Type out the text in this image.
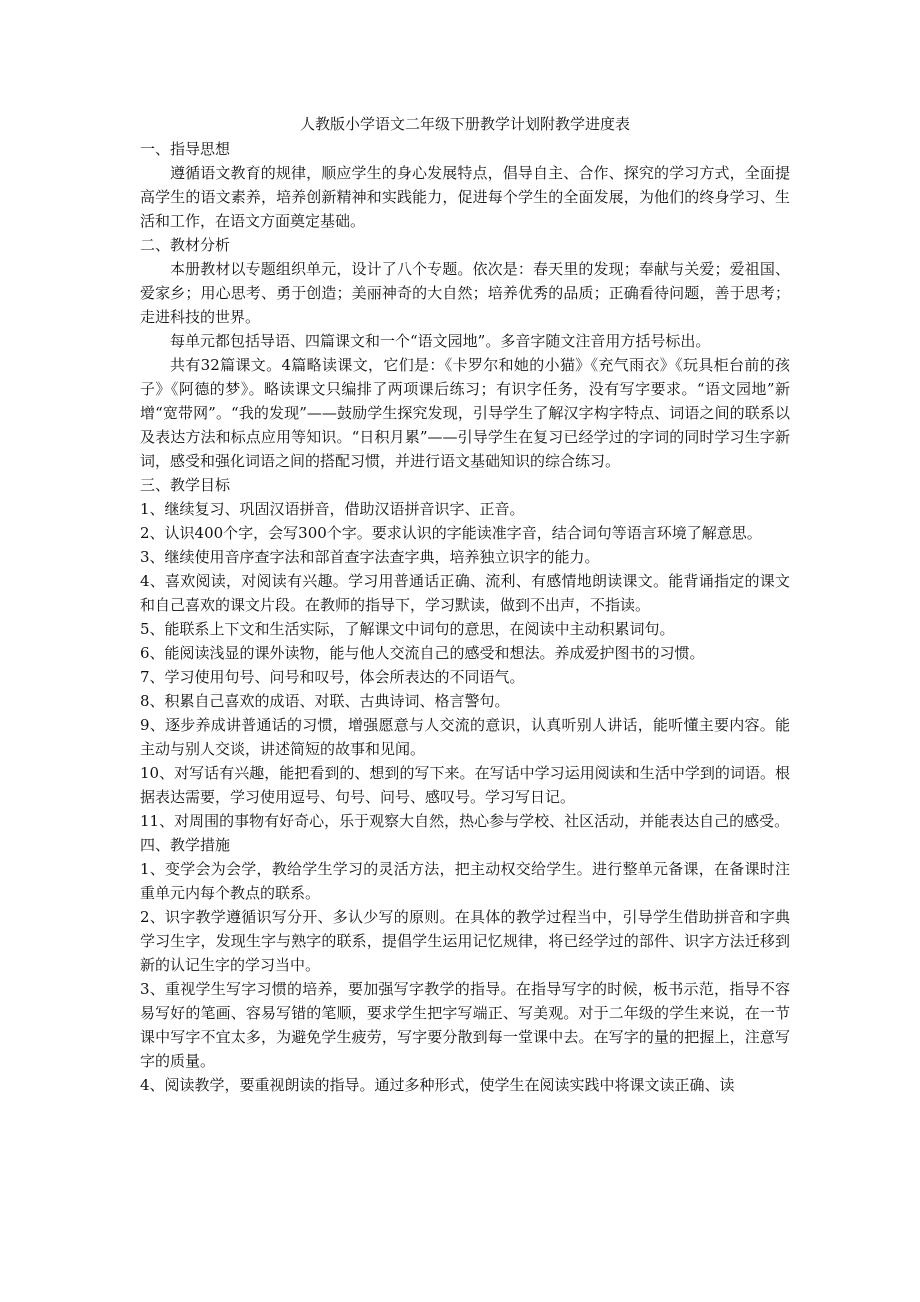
人教版小学语文二年级下册教学计划附教学进度表

一、指导思想

遵循语文教育的规律，顺应学生的身心发展特点，倡导自主、合作、探究的学习方式，全面提高学生的语文素养，培养创新精神和实践能力，促进每个学生的全面发展，为他们的终身学习、生活和工作，在语文方面奠定基础。

二、教材分析

本册教材以专题组织单元，设计了八个专题。依次是：春天里的发现；奉献与关爱；爱祖国、爱家乡；用心思考、勇于创造；美丽神奇的大自然；培养优秀的品质；正确看待问题，善于思考；走进科技的世界。

每单元都包括导语、四篇课文和一个“语文园地”。多音字随文注音用方括号标出。

共有32篇课文。4篇略读课文，它们是：《卡罗尔和她的小猫》《充气雨衣》《玩具柜台前的孩子》《阿德的梦》。略读课文只编排了两项课后练习；有识字任务，没有写字要求。“语文园地”新增“宽带网”。“我的发现”——鼓励学生探究发现，引导学生了解汉字构字特点、词语之间的联系以及表达方法和标点应用等知识。“日积月累”——引导学生在复习已经学过的字词的同时学习生字新词，感受和强化词语之间的搭配习惯，并进行语文基础知识的综合练习。

三、教学目标

1、继续复习、巩固汉语拼音，借助汉语拼音识字、正音。

2、认识400个字，会写300个字。要求认识的字能读准字音，结合词句等语言环境了解意思。

3、继续使用音序查字法和部首查字法查字典，培养独立识字的能力。

4、喜欢阅读，对阅读有兴趣。学习用普通话正确、流利、有感情地朗读课文。能背诵指定的课文和自己喜欢的课文片段。在教师的指导下，学习默读，做到不出声，不指读。

5、能联系上下文和生活实际，了解课文中词句的意思，在阅读中主动积累词句。

6、能阅读浅显的课外读物，能与他人交流自己的感受和想法。养成爱护图书的习惯。

7、学习使用句号、问号和叹号，体会所表达的不同语气。

8、积累自己喜欢的成语、对联、古典诗词、格言警句。

9、逐步养成讲普通话的习惯，增强愿意与人交流的意识，认真听别人讲话，能听懂主要内容。能主动与别人交谈，讲述简短的故事和见闻。

10、对写话有兴趣，能把看到的、想到的写下来。在写话中学习运用阅读和生活中学到的词语。根据表达需要，学习使用逗号、句号、问号、感叹号。学习写日记。

11、对周围的事物有好奇心，乐于观察大自然，热心参与学校、社区活动，并能表达自己的感受。

四、教学措施

1、变学会为会学，教给学生学习的灵活方法，把主动权交给学生。进行整单元备课，在备课时注重单元内每个教点的联系。

2、识字教学遵循识写分开、多认少写的原则。在具体的教学过程当中，引导学生借助拼音和字典学习生字，发现生字与熟字的联系，提倡学生运用记忆规律，将已经学过的部件、识字方法迁移到新的认记生字的学习当中。

3、重视学生写字习惯的培养，要加强写字教学的指导。在指导写字的时候，板书示范，指导不容易写好的笔画、容易写错的笔顺，要求学生把字写端正、写美观。对于二年级的学生来说，在一节课中写字不宜太多，为避免学生疲劳，写字要分散到每一堂课中去。在写字的量的把握上，注意写字的质量。

4、阅读教学，要重视朗读的指导。通过多种形式，使学生在阅读实践中将课文读正确、读
